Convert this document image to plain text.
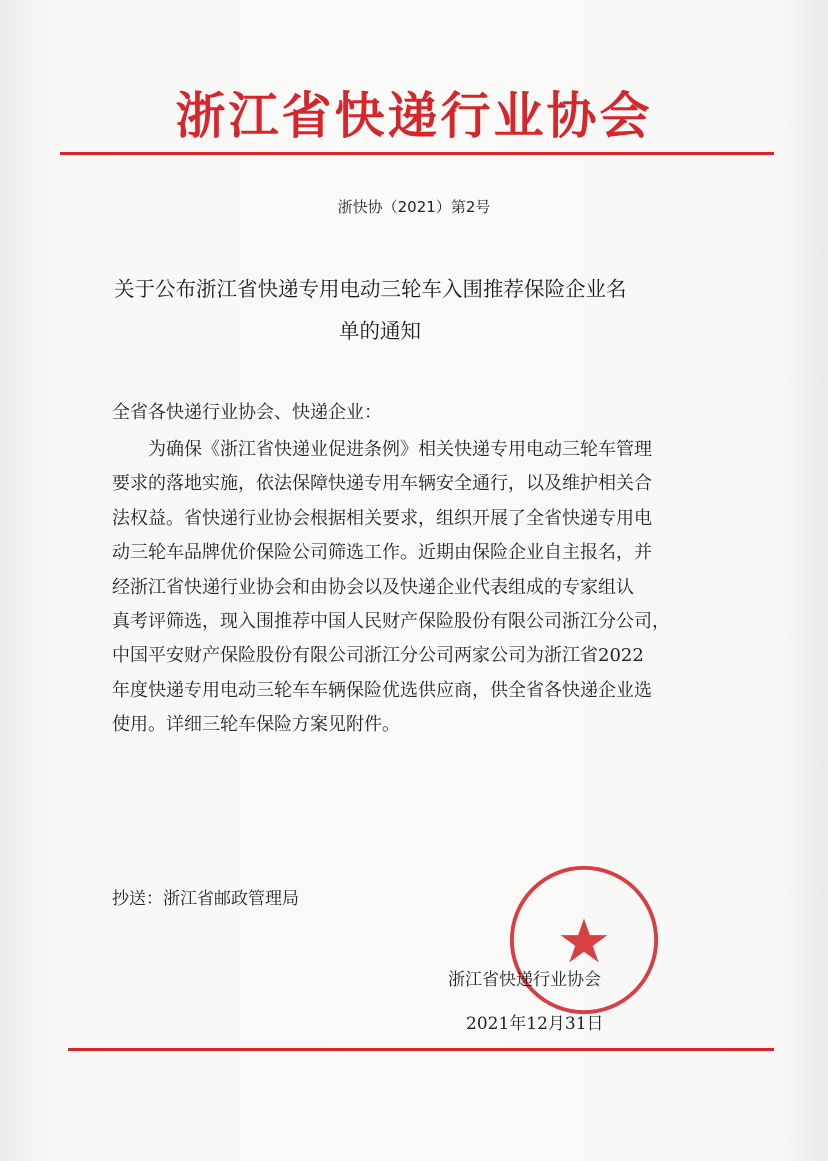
浙江省快递行业协会
浙快协（2021）第2号
关于公布浙江省快递专用电动三轮车入围推荐保险企业名
单的通知
全省各快递行业协会、快递企业：
　　为确保《浙江省快递业促进条例》相关快递专用电动三轮车管理
要求的落地实施，依法保障快递专用车辆安全通行，以及维护相关合
法权益。省快递行业协会根据相关要求，组织开展了全省快递专用电
动三轮车品牌优价保险公司筛选工作。近期由保险企业自主报名，并
经浙江省快递行业协会和由协会以及快递企业代表组成的专家组认
真考评筛选，现入围推荐中国人民财产保险股份有限公司浙江分公司，
中国平安财产保险股份有限公司浙江分公司两家公司为浙江省2022
年度快递专用电动三轮车车辆保险优选供应商，供全省各快递企业选
使用。详细三轮车保险方案见附件。
抄送：浙江省邮政管理局
浙江省快递行业协会
2021年12月31日
